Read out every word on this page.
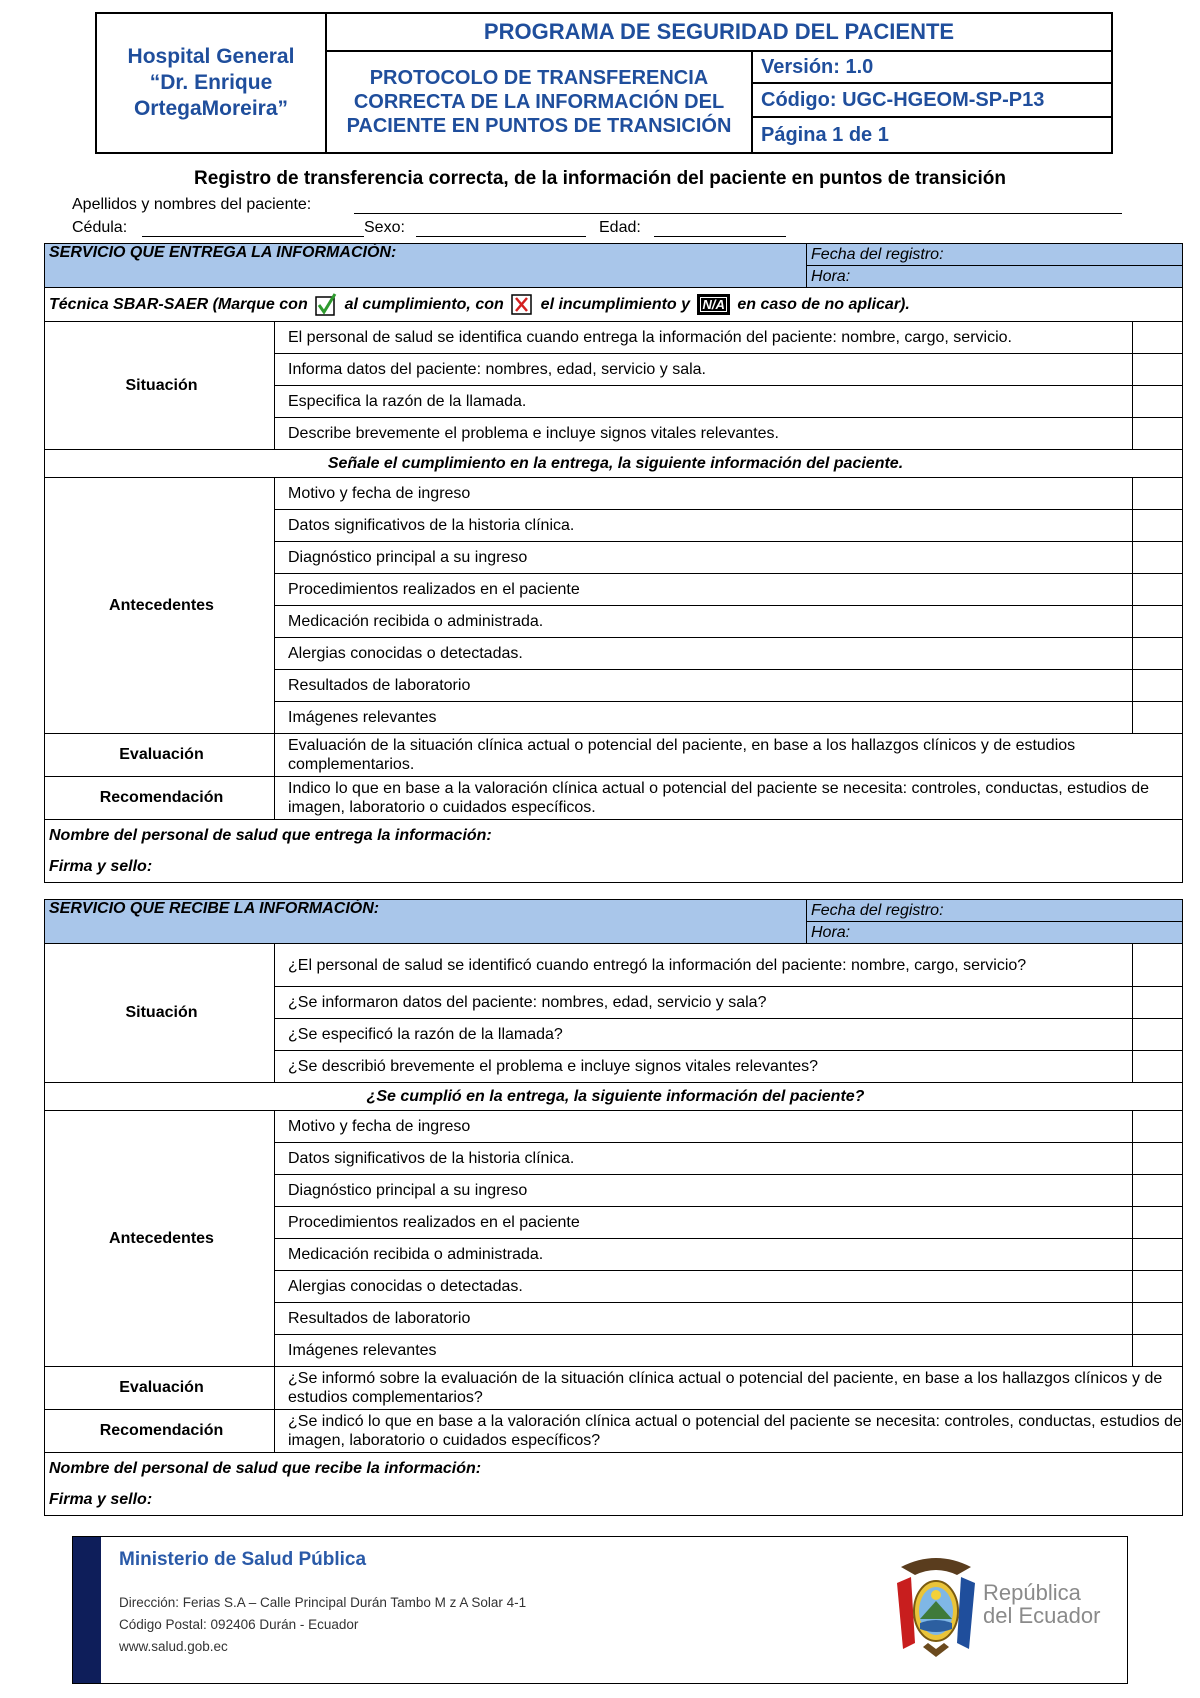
Hospital General
“Dr. Enrique
OrtegaMoreira”
PROGRAMA DE SEGURIDAD DEL PACIENTE
PROTOCOLO DE TRANSFERENCIA
CORRECTA DE LA INFORMACIÓN DEL
PACIENTE EN PUNTOS DE TRANSICIÓN
Versión: 1.0
Código: UGC-HGEOM-SP-P13
Página 1 de 1
Registro de transferencia correcta, de la información del paciente en puntos de transición
Apellidos y nombres del paciente:
Cédula:	Sexo:	Edad:
SERVICIO QUE ENTREGA LA INFORMACIÓN:		Fecha del registro:	
		Hora:	
Técnica SBAR-SAER (Marque con al cumplimiento, con el incumplimiento y N/A en caso de no aplicar).			
Situación	El personal de salud se identifica cuando entrega la información del paciente: nombre, cargo, servicio.		
	Informa datos del paciente: nombres, edad, servicio y sala.		
	Especifica la razón de la llamada.		
	Describe brevemente el problema e incluye signos vitales relevantes.		
Señale el cumplimiento en la entrega, la siguiente información del paciente.			
Antecedentes	Motivo y fecha de ingreso		
	Datos significativos de la historia clínica.		
	Diagnóstico principal a su ingreso		
	Procedimientos realizados en el paciente		
	Medicación recibida o administrada.		
	Alergias conocidas o detectadas.		
	Resultados de laboratorio		
	Imágenes relevantes		
Evaluación	Evaluación de la situación clínica actual o potencial del paciente, en base a los hallazgos clínicos y de estudios complementarios.		
Recomendación	Indico lo que en base a la valoración clínica actual o potencial del paciente se necesita: controles, conductas, estudios de imagen, laboratorio o cuidados específicos.		

Nombre del personal de salud que entrega la información:
Firma y sello:			
SERVICIO QUE RECIBE LA INFORMACIÓN:		Fecha del registro:	
		Hora:	
Situación	¿El personal de salud se identificó cuando entregó la información del paciente: nombre, cargo, servicio?		
	¿Se informaron datos del paciente: nombres, edad, servicio y sala?		
	¿Se especificó la razón de la llamada?		
	¿Se describió brevemente el problema e incluye signos vitales relevantes?		
¿Se cumplió en la entrega, la siguiente información del paciente?			
Antecedentes	Motivo y fecha de ingreso		
	Datos significativos de la historia clínica.		
	Diagnóstico principal a su ingreso		
	Procedimientos realizados en el paciente		
	Medicación recibida o administrada.		
	Alergias conocidas o detectadas.		
	Resultados de laboratorio		
	Imágenes relevantes		
Evaluación	¿Se informó sobre la evaluación de la situación clínica actual o potencial del paciente, en base a los hallazgos clínicos y de estudios complementarios?		
Recomendación	¿Se indicó lo que en base a la valoración clínica actual o potencial del paciente se necesita: controles, conductas, estudios de imagen, laboratorio o cuidados específicos?		

Nombre del personal de salud que recibe la información:
Firma y sello:			
Ministerio de Salud Pública
Dirección: Ferias S.A – Calle Principal Durán Tambo M z A Solar 4-1
Código Postal: 092406 Durán - Ecuador
www.salud.gob.ec
República
del Ecuador
